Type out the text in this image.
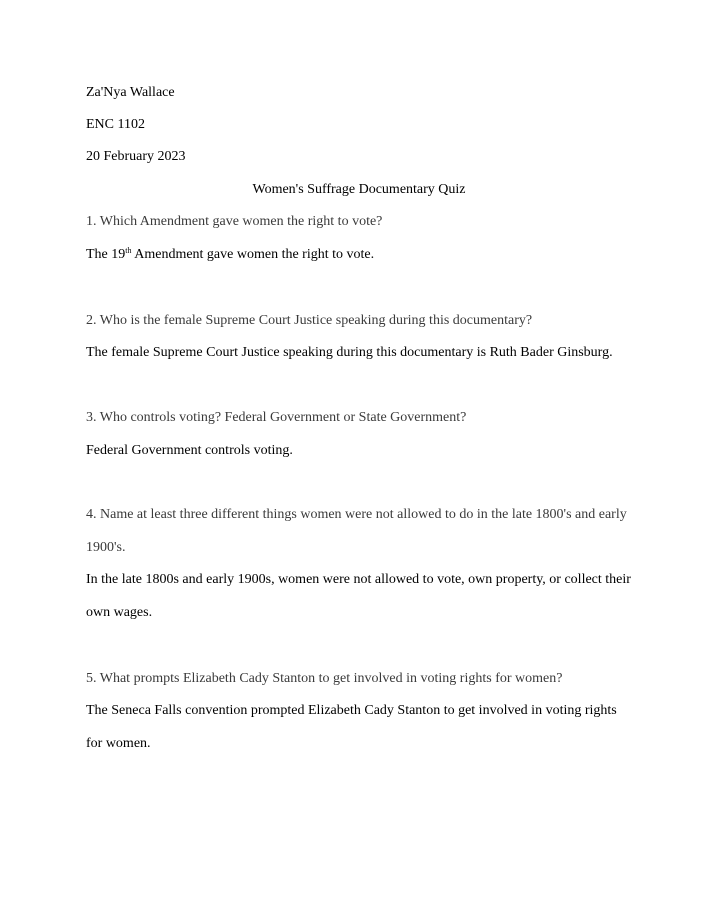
Za'Nya Wallace
ENC 1102
20 February 2023
Women's Suffrage Documentary Quiz
1. Which Amendment gave women the right to vote?
The 19th Amendment gave women the right to vote.
2. Who is the female Supreme Court Justice speaking during this documentary?
The female Supreme Court Justice speaking during this documentary is Ruth Bader Ginsburg.
3. Who controls voting? Federal Government or State Government?
Federal Government controls voting.
4. Name at least three different things women were not allowed to do in the late 1800's and early
1900's.
In the late 1800s and early 1900s, women were not allowed to vote, own property, or collect their
own wages.
5. What prompts Elizabeth Cady Stanton to get involved in voting rights for women?
The Seneca Falls convention prompted Elizabeth Cady Stanton to get involved in voting rights
for women.
